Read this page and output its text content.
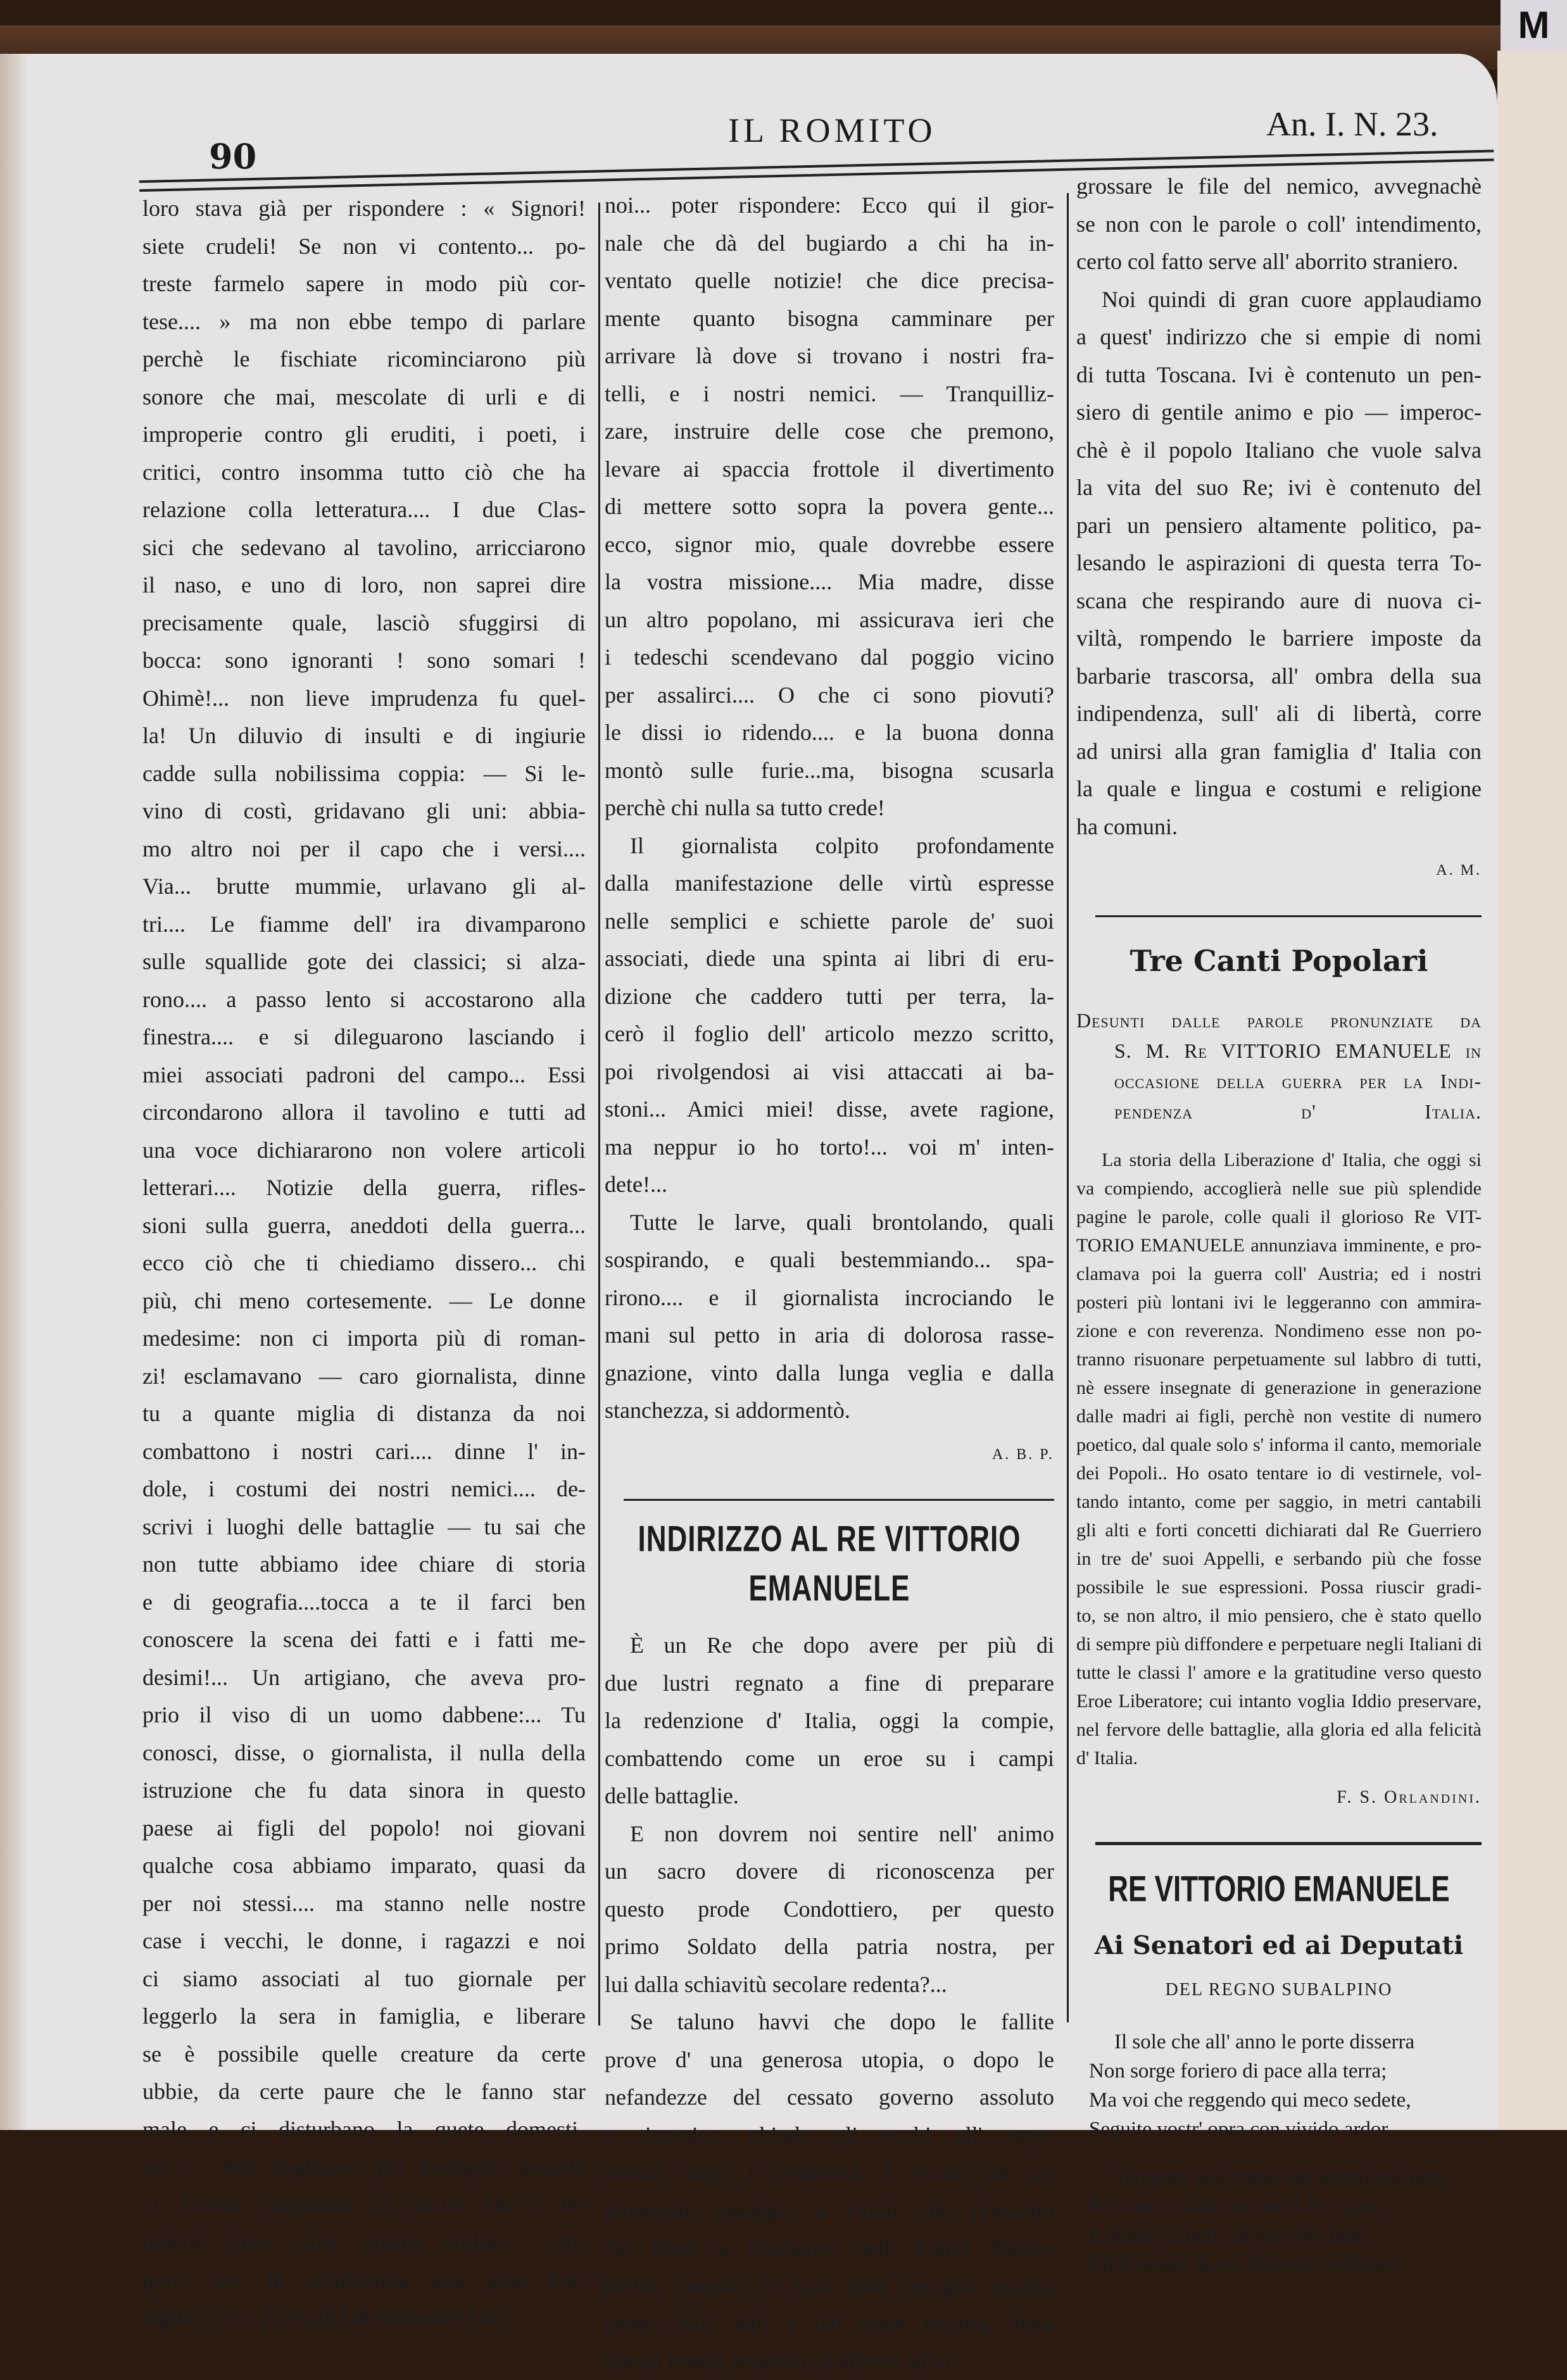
M
90
IL ROMITO	An. I. N. 23.
loro stava già per rispondere : « Signori!
siete crudeli! Se non vi contento... po-
treste farmelo sapere in modo più cor-
tese.... » ma non ebbe tempo di parlare
perchè le fischiate ricominciarono più
sonore che mai, mescolate di urli e di
improperie contro gli eruditi, i poeti, i
critici, contro insomma tutto ciò che ha
relazione colla letteratura.... I due Clas-
sici che sedevano al tavolino, arricciarono
il naso, e uno di loro, non saprei dire
precisamente quale, lasciò sfuggirsi di
bocca: sono ignoranti ! sono somari !
Ohimè!... non lieve imprudenza fu quel-
la! Un diluvio di insulti e di ingiurie
cadde sulla nobilissima coppia: — Si le-
vino di costì, gridavano gli uni: abbia-
mo altro noi per il capo che i versi....
Via... brutte mummie, urlavano gli al-
tri.... Le fiamme dell' ira divamparono
sulle squallide gote dei classici; si alza-
rono.... a passo lento si accostarono alla
finestra.... e si dileguarono lasciando i
miei associati padroni del campo... Essi
circondarono allora il tavolino e tutti ad
una voce dichiararono non volere articoli
letterari.... Notizie della guerra, rifles-
sioni sulla guerra, aneddoti della guerra...
ecco ciò che ti chiediamo dissero... chi
più, chi meno cortesemente. — Le donne
medesime: non ci importa più di roman-
zi! esclamavano — caro giornalista, dinne
tu a quante miglia di distanza da noi
combattono i nostri cari.... dinne l' in-
dole, i costumi dei nostri nemici.... de-
scrivi i luoghi delle battaglie — tu sai che
non tutte abbiamo idee chiare di storia
e di geografia....tocca a te il farci ben
conoscere la scena dei fatti e i fatti me-
desimi!... Un artigiano, che aveva pro-
prio il viso di un uomo dabbene:... Tu
conosci, disse, o giornalista, il nulla della
istruzione che fu data sinora in questo
paese ai figli del popolo! noi giovani
qualche cosa abbiamo imparato, quasi da
per noi stessi.... ma stanno nelle nostre
case i vecchi, le donne, i ragazzi e noi
ci siamo associati al tuo giornale per
leggerlo la sera in famiglia, e liberare
se è possibile quelle creature da certe
ubbie, da certe paure che le fanno star
male e ci disturbano la quete domesti-
ca. — Noi vogliamo, per esempio, quando
ci dicono: sappiamo di sicuro che i te-
deschi sono sulle nostre colline.... op-
pure: ieri fu combattuta una gran bat-
taglia a 15 o 20 miglia di lontananza da
noi... poter rispondere: Ecco qui il gior-
nale che dà del bugiardo a chi ha in-
ventato quelle notizie! che dice precisa-
mente quanto bisogna camminare per
arrivare là dove si trovano i nostri fra-
telli, e i nostri nemici. — Tranquilliz-
zare, instruire delle cose che premono,
levare ai spaccia frottole il divertimento
di mettere sotto sopra la povera gente...
ecco, signor mio, quale dovrebbe essere
la vostra missione.... Mia madre, disse
un altro popolano, mi assicurava ieri che
i tedeschi scendevano dal poggio vicino
per assalirci.... O che ci sono piovuti?
le dissi io ridendo.... e la buona donna
montò sulle furie...ma, bisogna scusarla
perchè chi nulla sa tutto crede!
Il giornalista colpito profondamente
dalla manifestazione delle virtù espresse
nelle semplici e schiette parole de' suoi
associati, diede una spinta ai libri di eru-
dizione che caddero tutti per terra, la-
cerò il foglio dell' articolo mezzo scritto,
poi rivolgendosi ai visi attaccati ai ba-
stoni... Amici miei! disse, avete ragione,
ma neppur io ho torto!... voi m' inten-
dete!...
Tutte le larve, quali brontolando, quali
sospirando, e quali bestemmiando... spa-
rirono.... e il giornalista incrociando le
mani sul petto in aria di dolorosa rasse-
gnazione, vinto dalla lunga veglia e dalla
stanchezza, si addormentò.
A. B. P.
INDIRIZZO AL RE VITTORIO EMANUELE
È un Re che dopo avere per più di
due lustri regnato a fine di preparare
la redenzione d' Italia, oggi la compie,
combattendo come un eroe su i campi
delle battaglie.
E non dovrem noi sentire nell' animo
un sacro dovere di riconoscenza per
questo prode Condottiero, per questo
primo Soldato della patria nostra, per
lui dalla schiavitù secolare redenta?...
Se taluno havvi che dopo le fallite
prove d' una generosa utopia, o dopo le
nefandezze del cessato governo assoluto
e tirannico, chiude gli occhi all' espe-
rienza, nega l' evidenza, e ricusa un ra-
gionevole omaggio a Colui che prescelto
dai Cieli a fondatore dell' Italica Nazio-
nalità, unendo in una sola famiglia quanta
gente, dall' alpi e dal mare recinta, abita
questa nostra penisola, si affretti ad in-
grossare le file del nemico, avvegnachè
se non con le parole o coll' intendimento,
certo col fatto serve all' aborrito straniero.
Noi quindi di gran cuore applaudiamo
a quest' indirizzo che si empie di nomi
di tutta Toscana. Ivi è contenuto un pen-
siero di gentile animo e pio — imperoc-
chè è il popolo Italiano che vuole salva
la vita del suo Re; ivi è contenuto del
pari un pensiero altamente politico, pa-
lesando le aspirazioni di questa terra To-
scana che respirando aure di nuova ci-
viltà, rompendo le barriere imposte da
barbarie trascorsa, all' ombra della sua
indipendenza, sull' ali di libertà, corre
ad unirsi alla gran famiglia d' Italia con
la quale e lingua e costumi e religione
ha comuni.
A. M.
Tre Canti Popolari
Desunti dalle parole pronunziate da
S. M. Re VITTORIO EMANUELE in
occasione della guerra per la Indi-
pendenza d' Italia.
La storia della Liberazione d' Italia, che oggi si
va compiendo, accoglierà nelle sue più splendide
pagine le parole, colle quali il glorioso Re VIT-
TORIO EMANUELE annunziava imminente, e pro-
clamava poi la guerra coll' Austria; ed i nostri
posteri più lontani ivi le leggeranno con ammira-
zione e con reverenza. Nondimeno esse non po-
tranno risuonare perpetuamente sul labbro di tutti,
nè essere insegnate di generazione in generazione
dalle madri ai figli, perchè non vestite di numero
poetico, dal quale solo s' informa il canto, memoriale
dei Popoli.. Ho osato tentare io di vestirnele, vol-
tando intanto, come per saggio, in metri cantabili
gli alti e forti concetti dichiarati dal Re Guerriero
in tre de' suoi Appelli, e serbando più che fosse
possibile le sue espressioni. Possa riuscir gradi-
to, se non altro, il mio pensiero, che è stato quello
di sempre più diffondere e perpetuare negli Italiani di
tutte le classi l' amore e la gratitudine verso questo
Eroe Liberatore; cui intanto voglia Iddio preservare,
nel fervore delle battaglie, alla gloria ed alla felicità
d' Italia.
F. S. Orlandini.
RE VITTORIO EMANUELE
Ai Senatori ed ai Deputati
DEL REGNO SUBALPINO
Il sole che all' anno le porte disserra
Non sorge foriero di pace alla terra;
Ma voi che reggendo qui meco sedete,
Seguite vostr' opra con vivido ardor.
Temprati alla scuola dei giorni che furo
Moviam risoluti incontro al futuro;
E desso fia bello di sorti più liete,
Ch' è nostra divisa Giustizia ed Onor.
